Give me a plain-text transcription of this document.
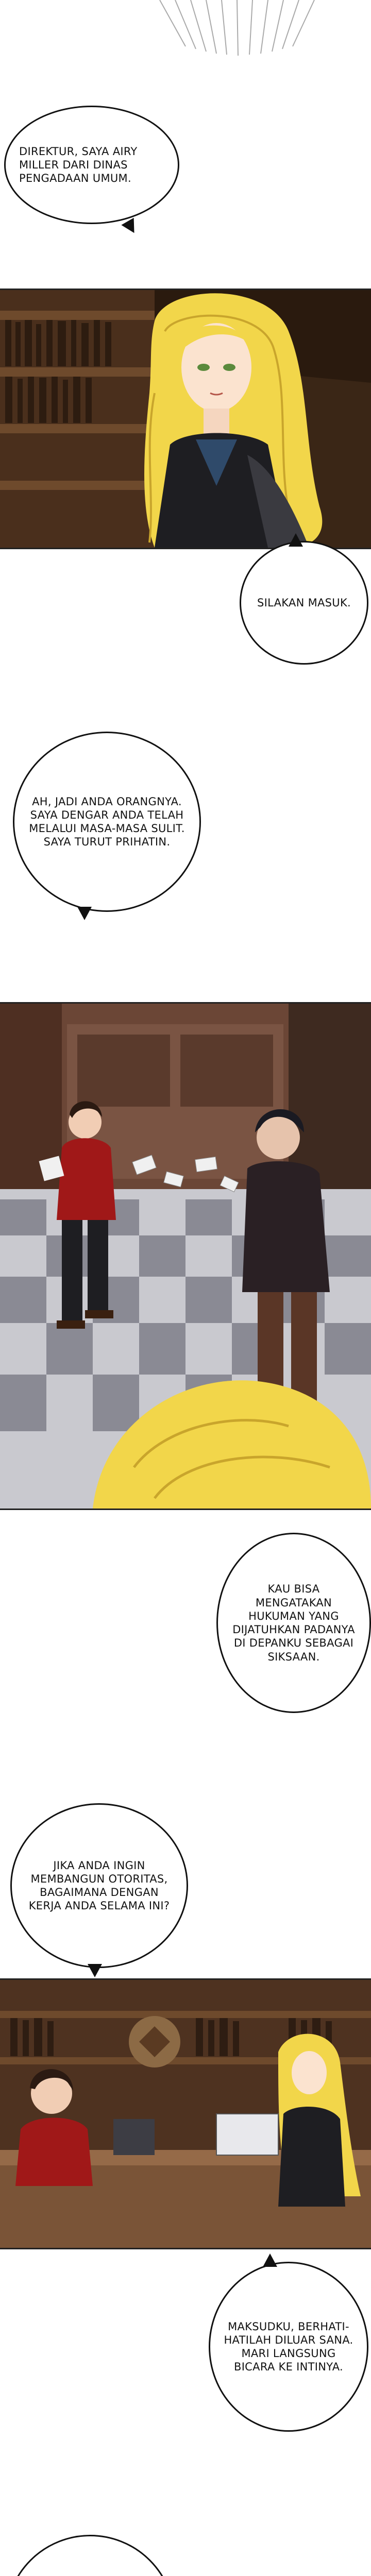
DIREKTUR, SAYA AIRY MILLER DARI DINAS PENGADAAN UMUM.
SILAKAN MASUK.
AH, JADI ANDA ORANGNYA. SAYA DENGAR ANDA TELAH MELALUI MASA-MASA SULIT. SAYA TURUT PRIHATIN.
KAU BISA MENGATAKAN HUKUMAN YANG DIJATUHKAN PADANYA DI DEPANKU SEBAGAI SIKSAAN.
JIKA ANDA INGIN MEMBANGUN OTORITAS, BAGAIMANA DENGAN KERJA ANDA SELAMA INI?
MAKSUDKU, BERHATI-HATILAH DILUAR SANA. MARI LANGSUNG BICARA KE INTINYA.
